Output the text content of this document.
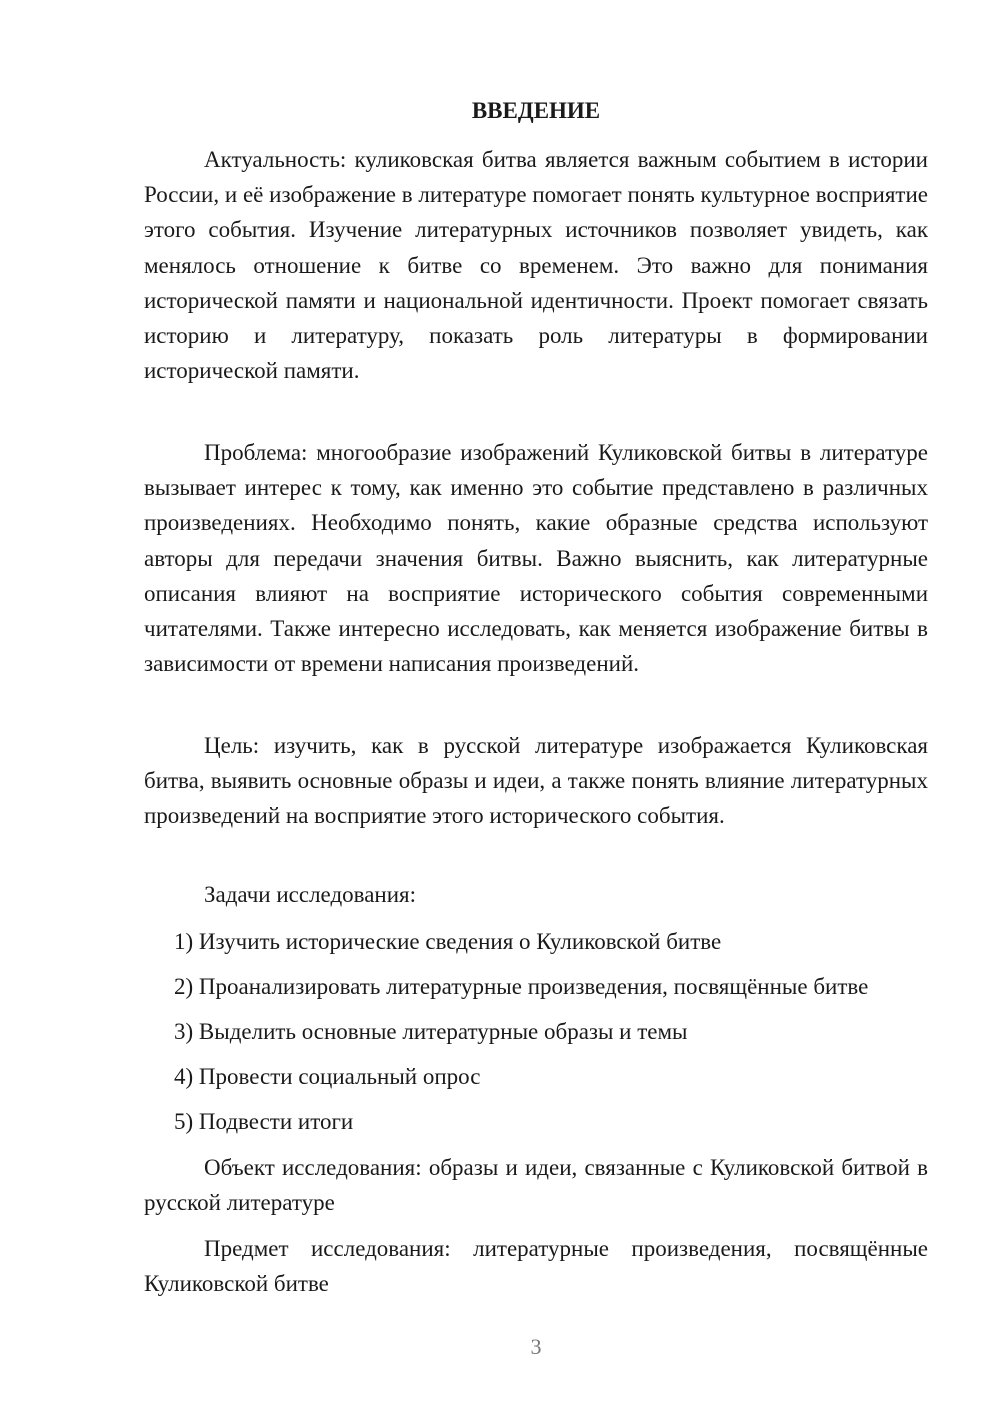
ВВЕДЕНИЕ

Актуальность: куликовская битва является важным событием в истории России, и её изображение в литературе помогает понять культурное восприятие этого события. Изучение литературных источников позволяет увидеть, как менялось отношение к битве со временем. Это важно для понимания исторической памяти и национальной идентичности. Проект помогает связать историю и литературу, показать роль литературы в формировании исторической памяти.

Проблема: многообразие изображений Куликовской битвы в литературе вызывает интерес к тому, как именно это событие представлено в различных произведениях. Необходимо понять, какие образные средства используют авторы для передачи значения битвы. Важно выяснить, как литературные описания влияют на восприятие исторического события современными читателями. Также интересно исследовать, как меняется изображение битвы в зависимости от времени написания произведений.

Цель: изучить, как в русской литературе изображается Куликовская битва, выявить основные образы и идеи, а также понять влияние литературных произведений на восприятие этого исторического события.

Задачи исследования:

1) Изучить исторические сведения о Куликовской битве

2) Проанализировать литературные произведения, посвящённые битве

3) Выделить основные литературные образы и темы

4) Провести социальный опрос

5) Подвести итоги

Объект исследования: образы и идеи, связанные с Куликовской битвой в русской литературе

Предмет исследования: литературные произведения, посвящённые Куликовской битве

3
